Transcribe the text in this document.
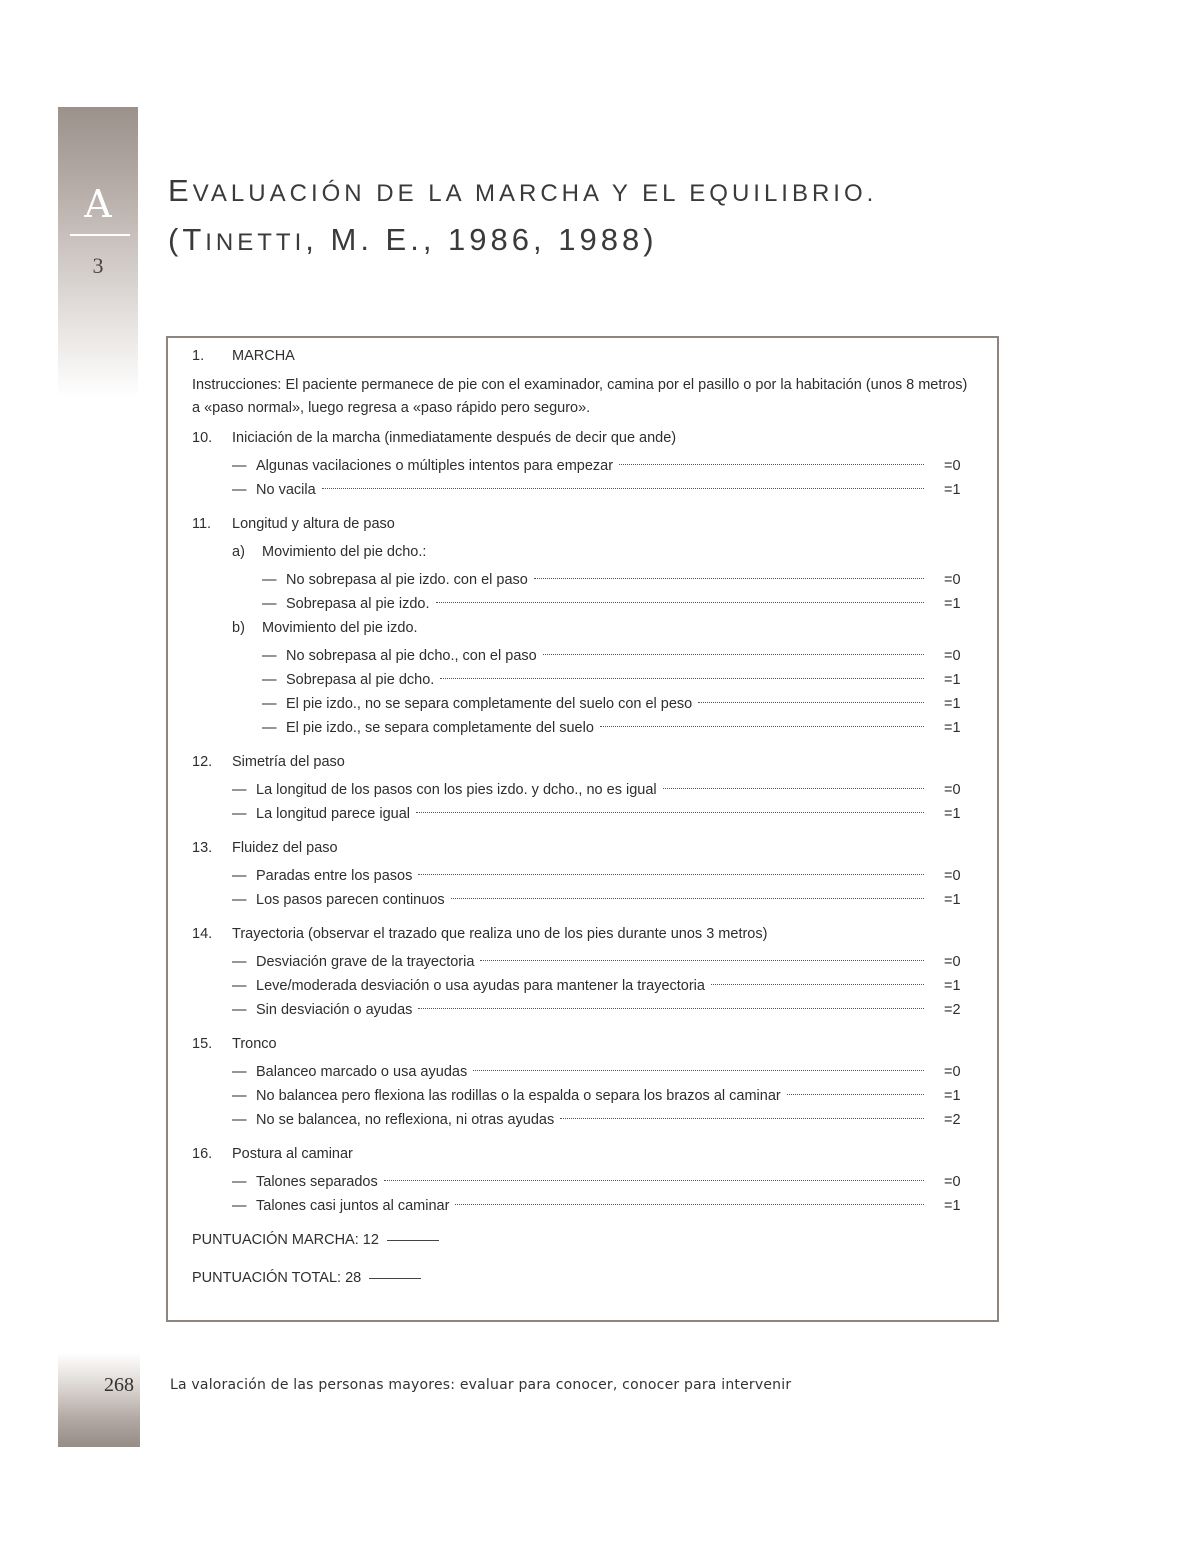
A
3
EVALUACIÓN DE LA MARCHA Y EL EQUILIBRIO.
(TINETTI, M. E., 1986, 1988)
1.	MARCHA
Instrucciones: El paciente permanece de pie con el examinador, camina por el pasillo o por la habitación (unos 8 metros) a «paso normal», luego regresa a «paso rápido pero seguro».
10.	Iniciación de la marcha (inmediatamente después de decir que ande)
— Algunas vacilaciones o múltiples intentos para empezar	=0
— No vacila	=1
11.	Longitud y altura de paso
a) Movimiento del pie dcho.:
— No sobrepasa al pie izdo. con el paso	=0
— Sobrepasa al pie izdo.	=1
b) Movimiento del pie izdo.
— No sobrepasa al pie dcho., con el paso	=0
— Sobrepasa al pie dcho.	=1
— El pie izdo., no se separa completamente del suelo con el peso	=1
— El pie izdo., se separa completamente del suelo	=1
12.	Simetría del paso
— La longitud de los pasos con los pies izdo. y dcho., no es igual	=0
— La longitud parece igual	=1
13.	Fluidez del paso
— Paradas entre los pasos	=0
— Los pasos parecen continuos	=1
14.	Trayectoria (observar el trazado que realiza uno de los pies durante unos 3 metros)
— Desviación grave de la trayectoria	=0
— Leve/moderada desviación o usa ayudas para mantener la trayectoria	=1
— Sin desviación o ayudas	=2
15.	Tronco
— Balanceo marcado o usa ayudas	=0
— No balancea pero flexiona las rodillas o la espalda o separa los brazos al caminar	=1
— No se balancea, no reflexiona, ni otras ayudas	=2
16.	Postura al caminar
— Talones separados	=0
— Talones casi juntos al caminar	=1
PUNTUACIÓN MARCHA: 12
PUNTUACIÓN TOTAL: 28
268	La valoración de las personas mayores: evaluar para conocer, conocer para intervenir
